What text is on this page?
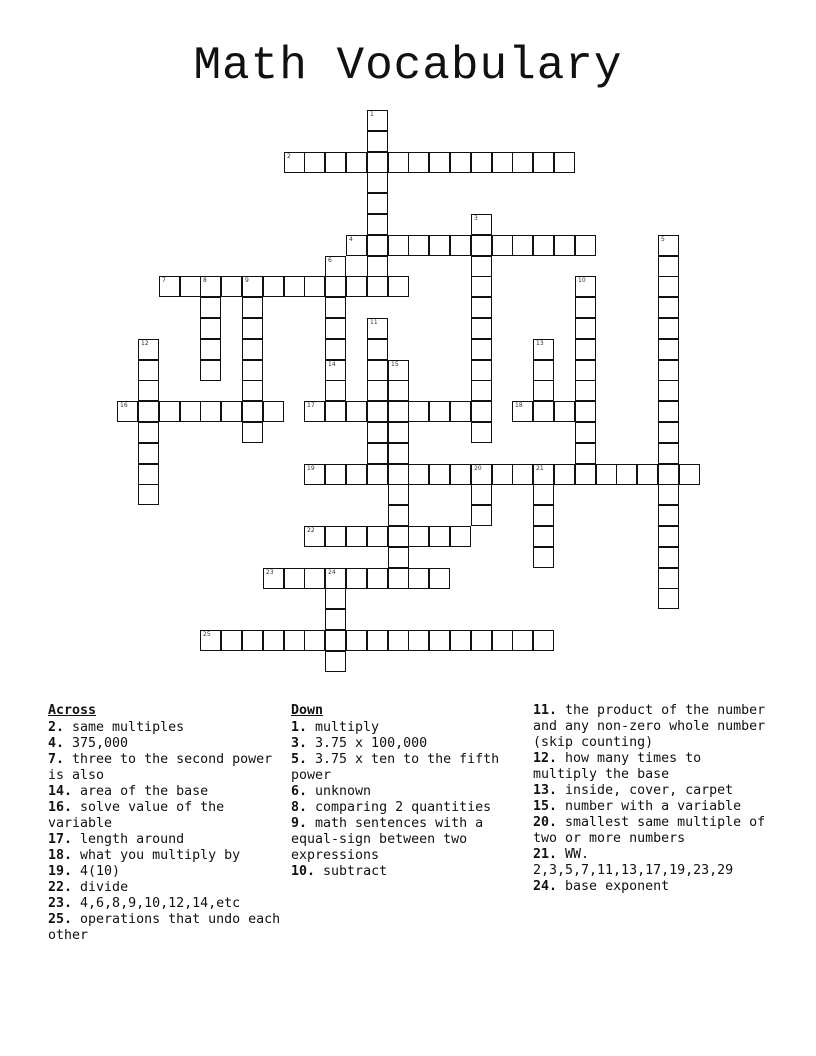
Math Vocabulary
1
2
3
4	5
6
14
7	8	9	10
11
12	13
15
16	17	18
19	20	21
22
23	24
25
Across
2. same multiples
4. 375,000
7. three to the second power is also
14. area of the base
16. solve value of the variable
17. length around
18. what you multiply by
19. 4(10)
22. divide
23. 4,6,8,9,10,12,14,etc
25. operations that undo each other
Down
1. multiply
3. 3.75 x 100,000
5. 3.75 x ten to the fifth power
6. unknown
8. comparing 2 quantities
9. math sentences with a equal-sign between two expressions
10. subtract
11. the product of the number and any non-zero whole number (skip counting)
12. how many times to multiply the base
13. inside, cover, carpet
15. number with a variable
20. smallest same multiple of two or more numbers
21. WW. 2,3,5,7,11,13,17,19,23,29
24. base exponent
